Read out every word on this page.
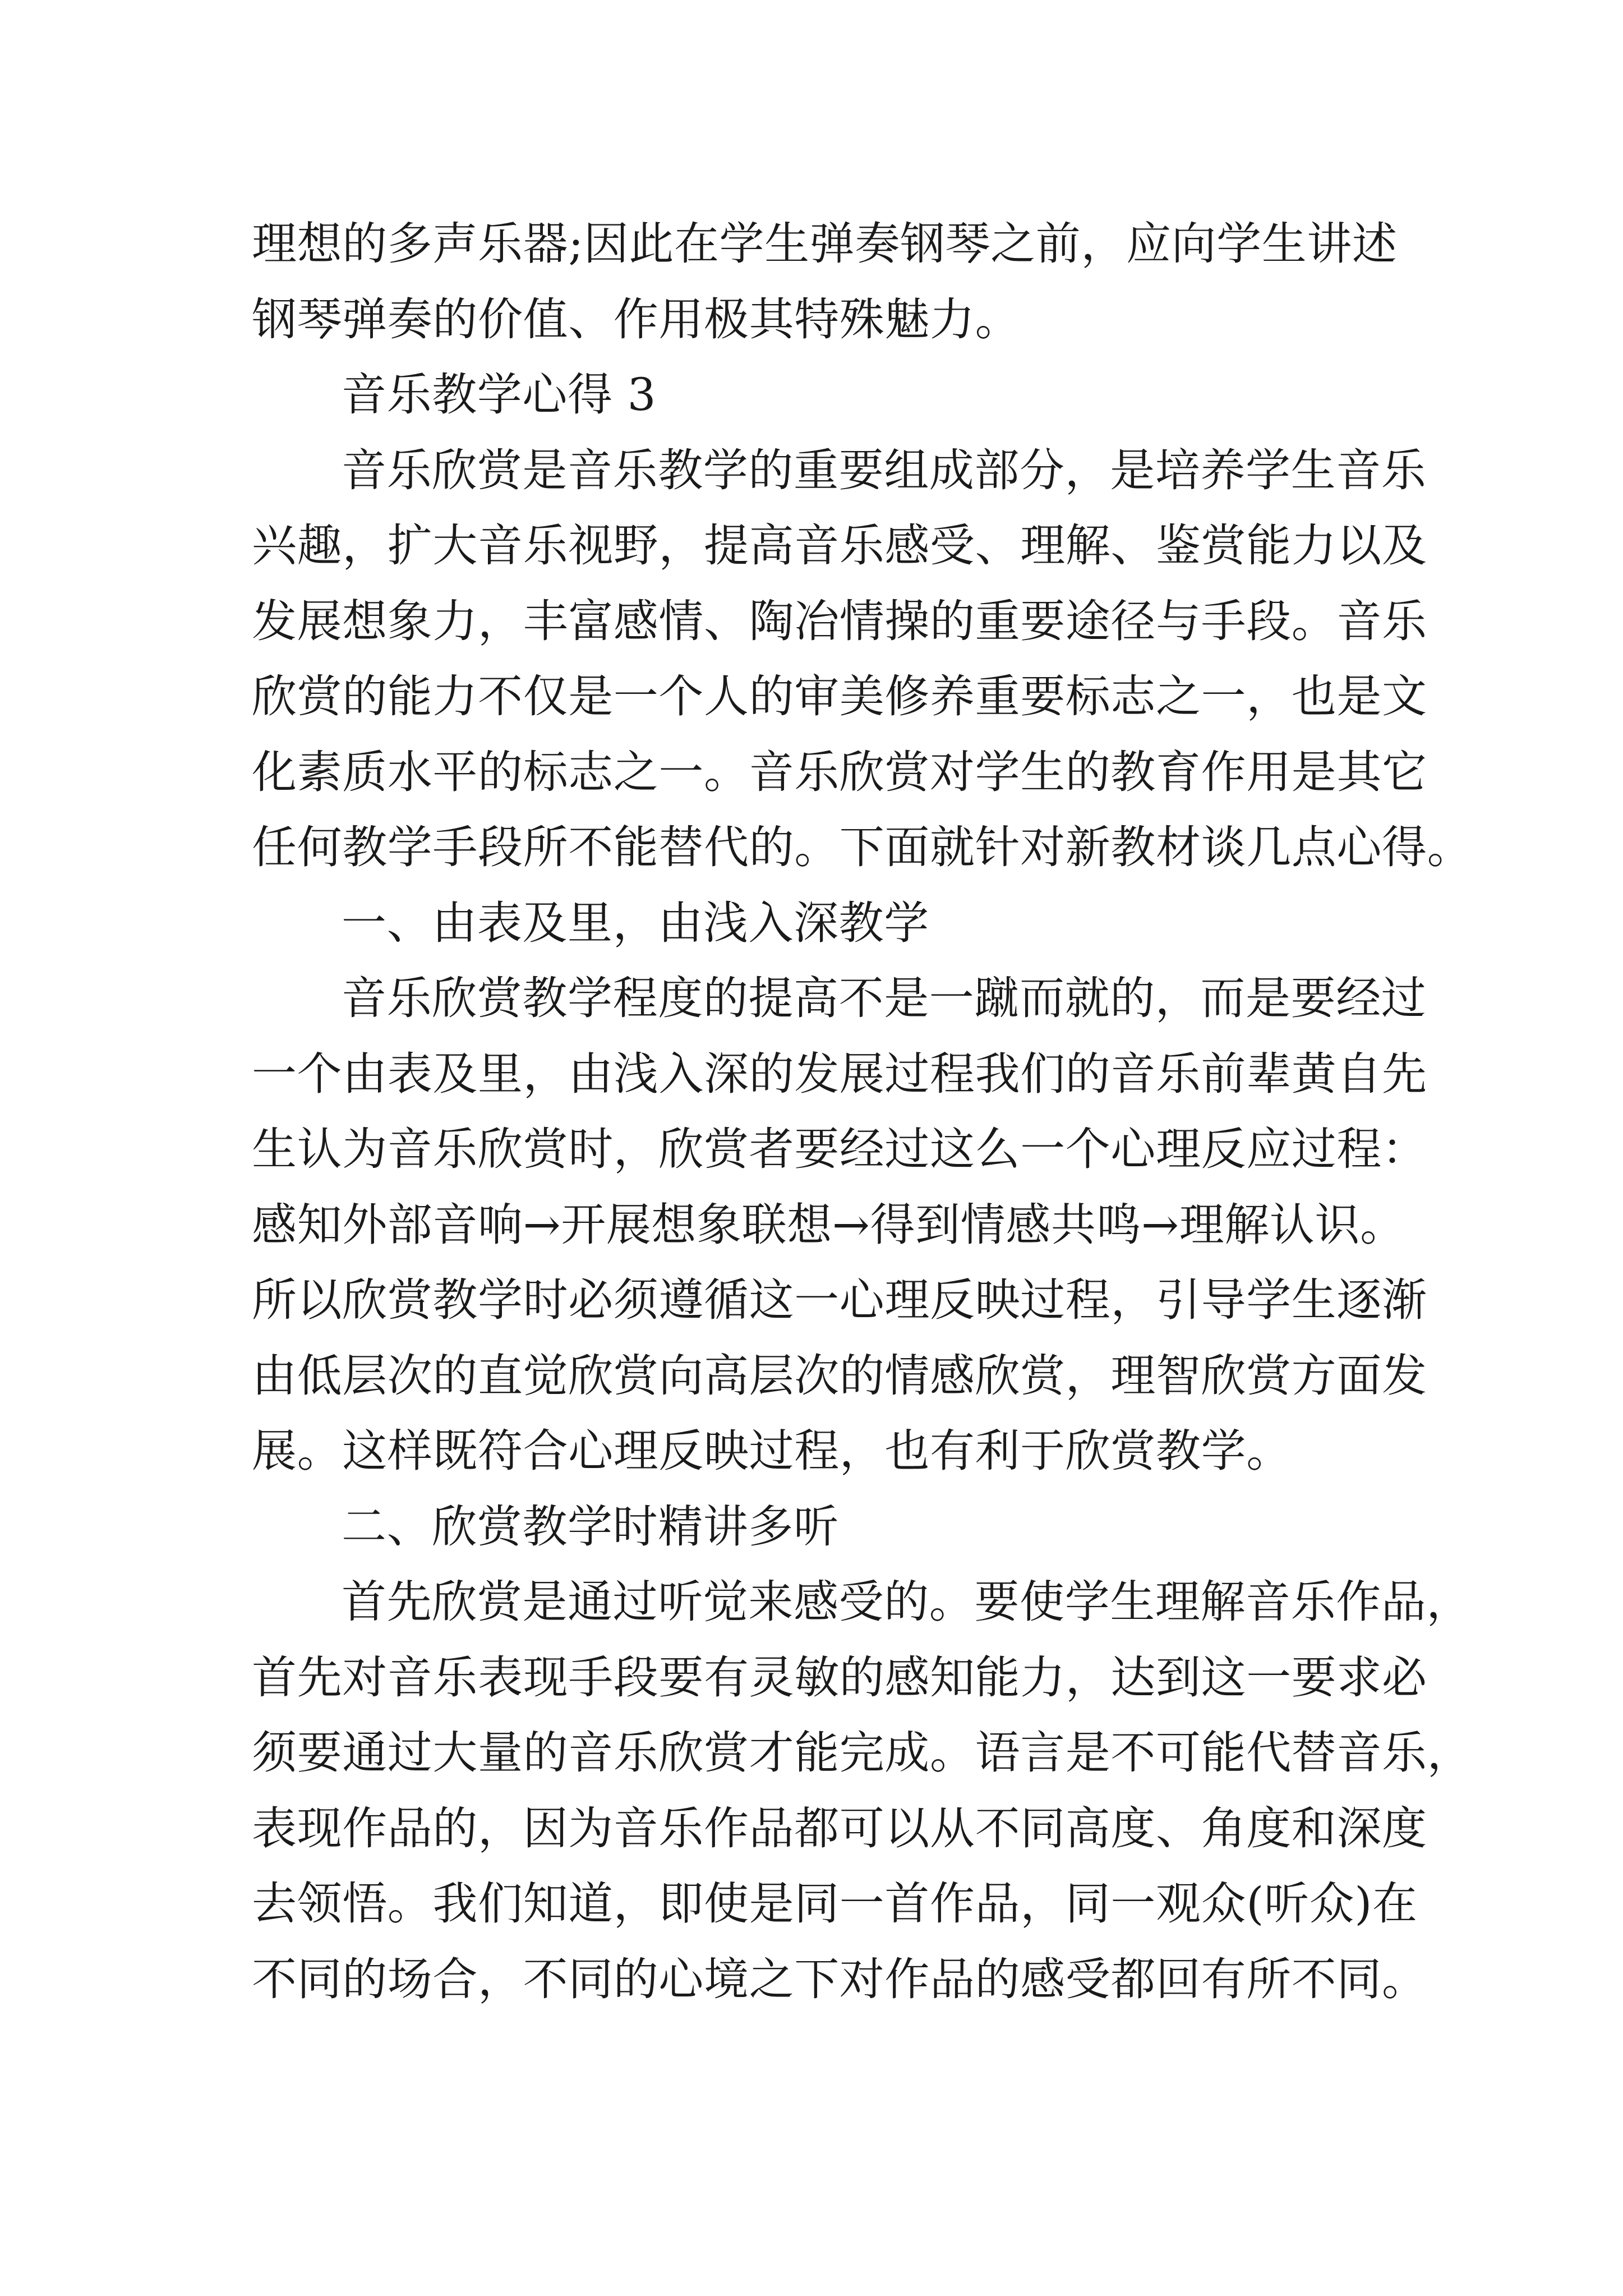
理想的多声乐器;因此在学生弹奏钢琴之前，应向学生讲述
钢琴弹奏的价值、作用极其特殊魅力。
音乐教学心得 3
音乐欣赏是音乐教学的重要组成部分，是培养学生音乐
兴趣，扩大音乐视野，提高音乐感受、理解、鉴赏能力以及
发展想象力，丰富感情、陶冶情操的重要途径与手段。音乐
欣赏的能力不仅是一个人的审美修养重要标志之一，也是文
化素质水平的标志之一。音乐欣赏对学生的教育作用是其它
任何教学手段所不能替代的。下面就针对新教材谈几点心得。
一、由表及里，由浅入深教学
音乐欣赏教学程度的提高不是一蹴而就的，而是要经过
一个由表及里，由浅入深的发展过程我们的音乐前辈黄自先
生认为音乐欣赏时，欣赏者要经过这么一个心理反应过程：
感知外部音响→开展想象联想→得到情感共鸣→理解认识。
所以欣赏教学时必须遵循这一心理反映过程，引导学生逐渐
由低层次的直觉欣赏向高层次的情感欣赏，理智欣赏方面发
展。这样既符合心理反映过程，也有利于欣赏教学。
二、欣赏教学时精讲多听
首先欣赏是通过听觉来感受的。要使学生理解音乐作品，
首先对音乐表现手段要有灵敏的感知能力，达到这一要求必
须要通过大量的音乐欣赏才能完成。语言是不可能代替音乐，
表现作品的，因为音乐作品都可以从不同高度、角度和深度
去领悟。我们知道，即使是同一首作品，同一观众(听众)在
不同的场合，不同的心境之下对作品的感受都回有所不同。
